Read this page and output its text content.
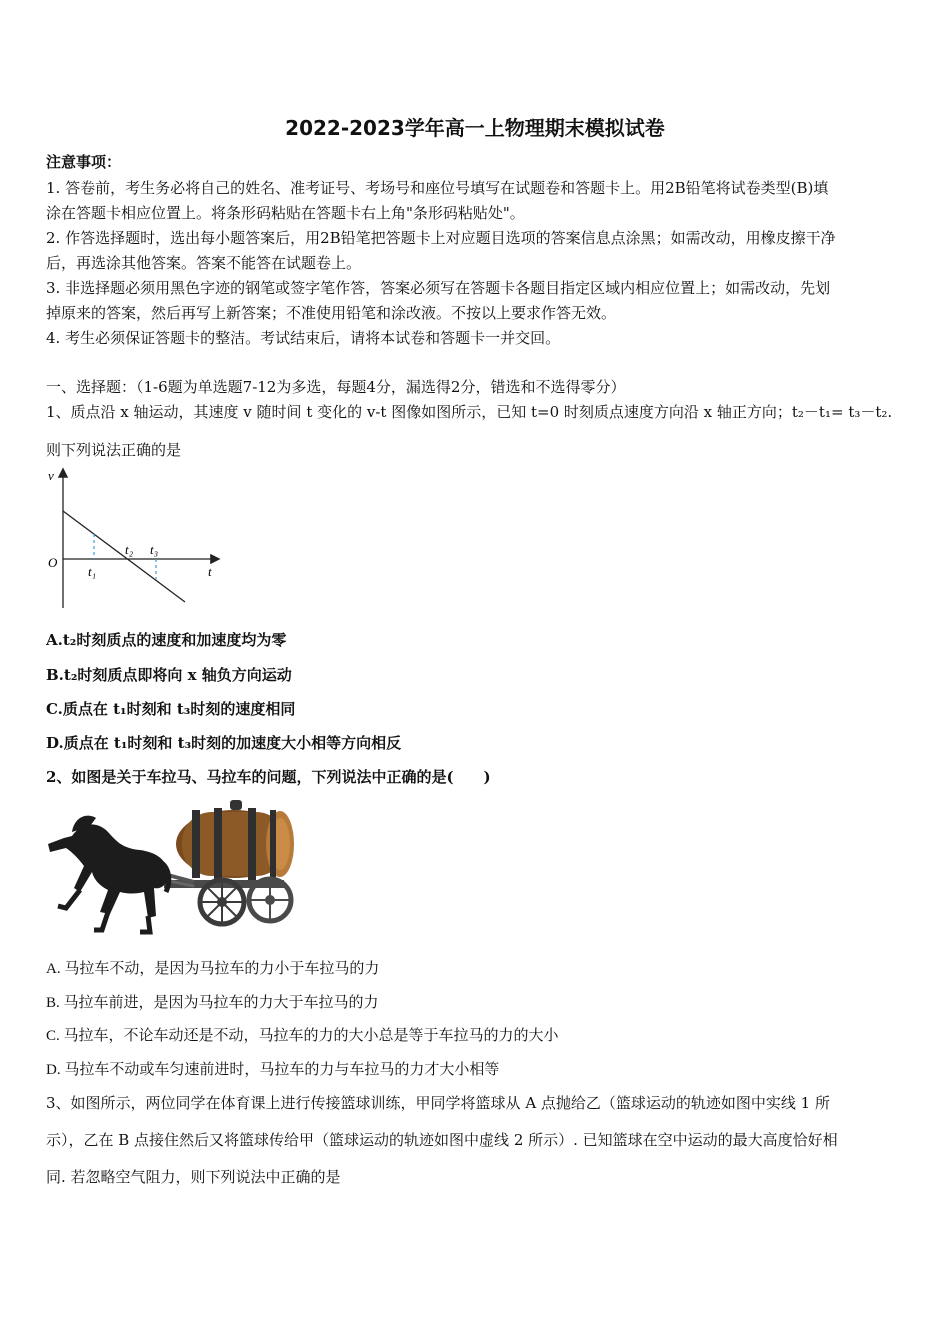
2022-2023学年高一上物理期末模拟试卷
注意事项：
1. 答卷前，考生务必将自己的姓名、准考证号、考场号和座位号填写在试题卷和答题卡上。用2B铅笔将试卷类型(B)填
涂在答题卡相应位置上。将条形码粘贴在答题卡右上角"条形码粘贴处"。
2. 作答选择题时，选出每小题答案后，用2B铅笔把答题卡上对应题目选项的答案信息点涂黑；如需改动，用橡皮擦干净
后，再选涂其他答案。答案不能答在试题卷上。
3. 非选择题必须用黑色字迹的钢笔或签字笔作答，答案必须写在答题卡各题目指定区域内相应位置上；如需改动，先划
掉原来的答案，然后再写上新答案；不准使用铅笔和涂改液。不按以上要求作答无效。
4. 考生必须保证答题卡的整洁。考试结束后，请将本试卷和答题卡一并交回。
一、选择题：（1-6题为单选题7-12为多选，每题4分，漏选得2分，错选和不选得零分）
1、质点沿 x 轴运动，其速度 v 随时间 t 变化的 v-t 图像如图所示，已知 t=0 时刻质点速度方向沿 x 轴正方向；t₂－t₁= t₃－t₂.
则下列说法正确的是
v
O
t
t₁
t₂ t₃
A.t₂时刻质点的速度和加速度均为零
B.t₂时刻质点即将向 x 轴负方向运动
C.质点在 t₁时刻和 t₃时刻的速度相同
D.质点在 t₁时刻和 t₃时刻的加速度大小相等方向相反
2、如图是关于车拉马、马拉车的问题，下列说法中正确的是(　　)
A. 马拉车不动，是因为马拉车的力小于车拉马的力
B. 马拉车前进，是因为马拉车的力大于车拉马的力
C. 马拉车，不论车动还是不动，马拉车的力的大小总是等于车拉马的力的大小
D. 马拉车不动或车匀速前进时，马拉车的力与车拉马的力才大小相等
3、如图所示，两位同学在体育课上进行传接篮球训练，甲同学将篮球从 A 点抛给乙（篮球运动的轨迹如图中实线 1 所
示），乙在 B 点接住然后又将篮球传给甲（篮球运动的轨迹如图中虚线 2 所示）. 已知篮球在空中运动的最大高度恰好相
同. 若忽略空气阻力，则下列说法中正确的是
